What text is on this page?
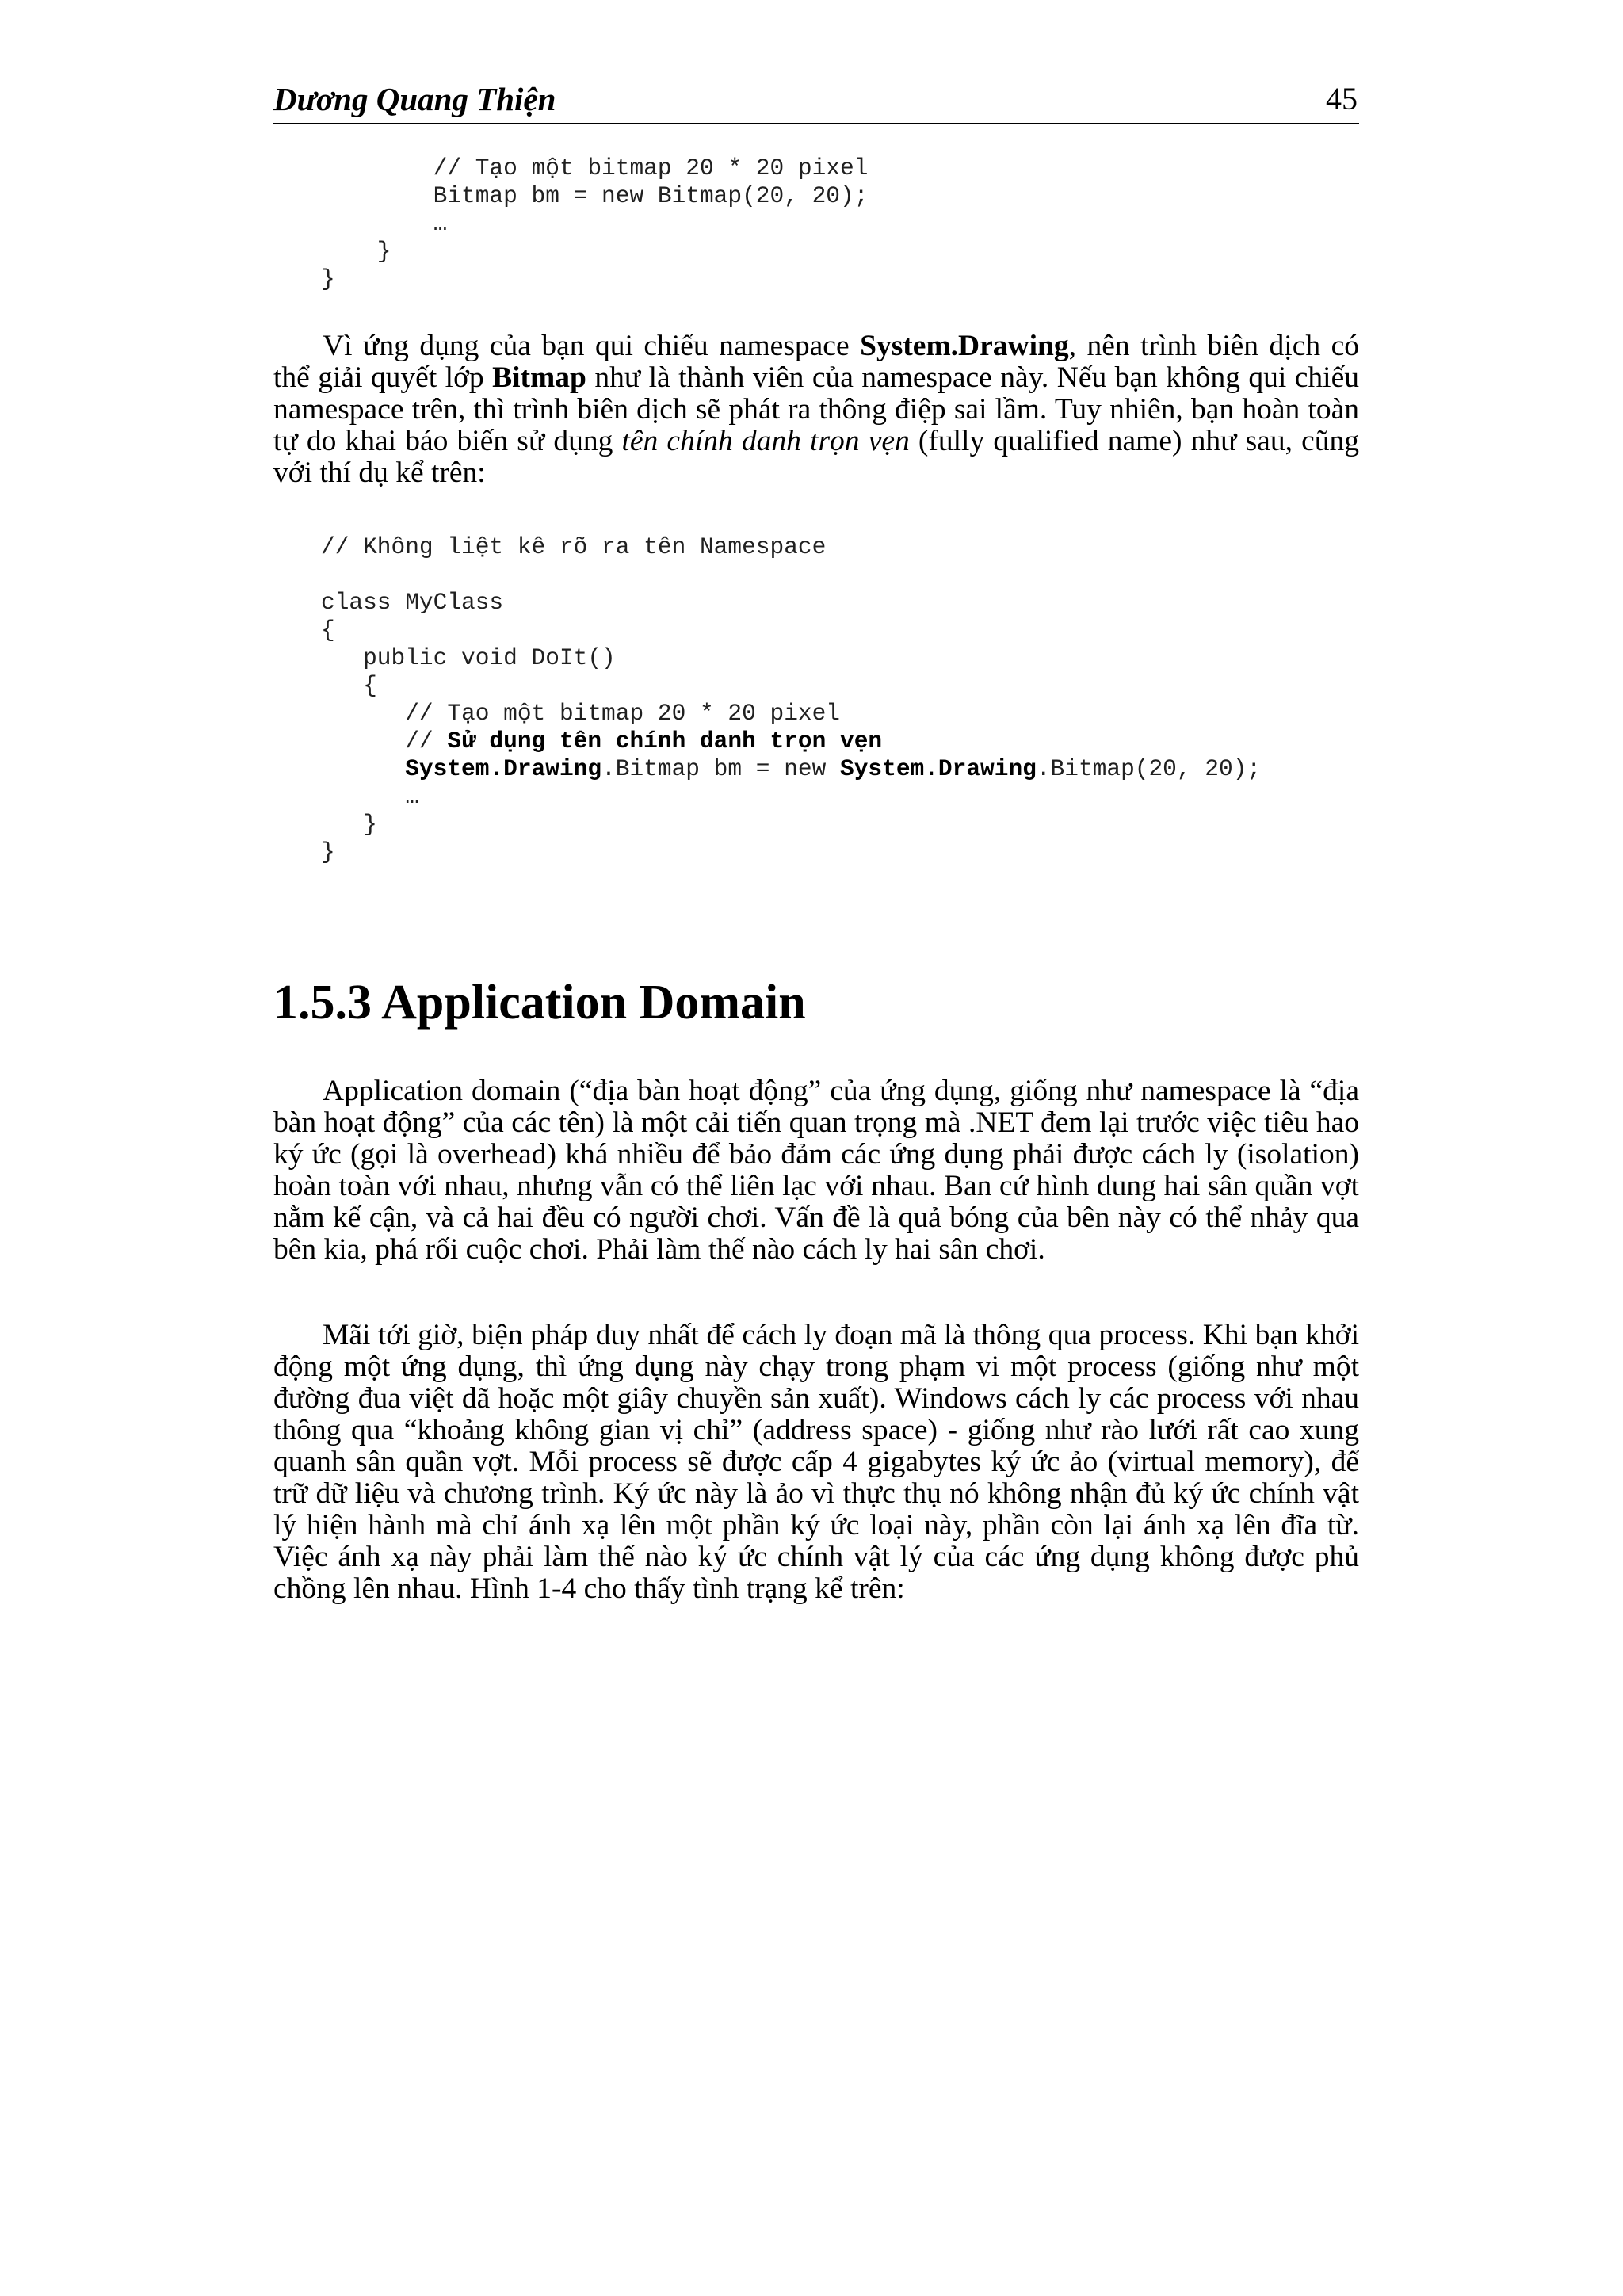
Dương Quang Thiện	45
// Tạo một bitmap 20 * 20 pixel
Bitmap bm = new Bitmap(20, 20);
…
}
}

Vì ứng dụng của bạn qui chiếu namespace System.Drawing, nên trình biên dịch có thể giải quyết lớp Bitmap như là thành viên của namespace này. Nếu bạn không qui chiếu namespace trên, thì trình biên dịch sẽ phát ra thông điệp sai lầm. Tuy nhiên, bạn hoàn toàn tự do khai báo biến sử dụng tên chính danh trọn vẹn (fully qualified name) như sau, cũng với thí dụ kể trên:

// Không liệt kê rõ ra tên Namespace

class MyClass
{
public void DoIt()
{
// Tạo một bitmap 20 * 20 pixel
// Sử dụng tên chính danh trọn vẹn
System.Drawing.Bitmap bm = new System.Drawing.Bitmap(20, 20);
…
}
}
1.5.3 Application Domain

Application domain (“địa bàn hoạt động” của ứng dụng, giống như namespace là “địa bàn hoạt động” của các tên) là một cải tiến quan trọng mà .NET đem lại trước việc tiêu hao ký ức (gọi là overhead) khá nhiều để bảo đảm các ứng dụng phải được cách ly (isolation) hoàn toàn với nhau, nhưng vẫn có thể liên lạc với nhau. Ban cứ hình dung hai sân quần vợt nằm kế cận, và cả hai đều có người chơi. Vấn đề là quả bóng của bên này có thể nhảy qua bên kia, phá rối cuộc chơi. Phải làm thế nào cách ly hai sân chơi.

Mãi tới giờ, biện pháp duy nhất để cách ly đoạn mã là thông qua process. Khi bạn khởi động một ứng dụng, thì ứng dụng này chạy trong phạm vi một process (giống như một đường đua việt dã hoặc một giây chuyền sản xuất). Windows cách ly các process với nhau thông qua “khoảng không gian vị chỉ” (address space) - giống như rào lưới rất cao xung quanh sân quần vợt. Mỗi process sẽ được cấp 4 gigabytes ký ức ảo (virtual memory), để trữ dữ liệu và chương trình. Ký ức này là ảo vì thực thụ nó không nhận đủ ký ức chính vật lý hiện hành mà chỉ ánh xạ lên một phần ký ức loại này, phần còn lại ánh xạ lên đĩa từ. Việc ánh xạ này phải làm thế nào ký ức chính vật lý của các ứng dụng không được phủ chồng lên nhau. Hình 1-4 cho thấy tình trạng kể trên:
